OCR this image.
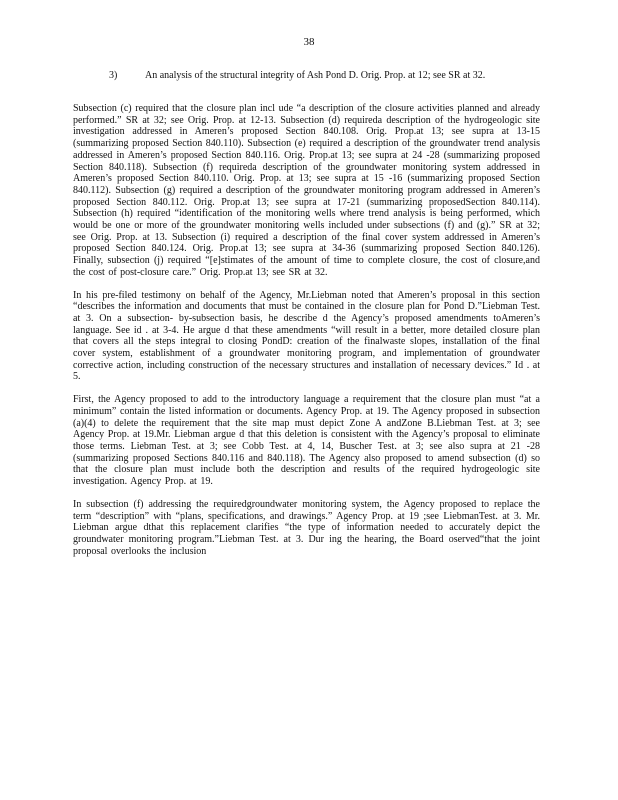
38
3)	An analysis of the structural integrity of Ash Pond D. Orig. Prop. at 12; see SR at 32.

Subsection (c) required that the closure plan incl ude “a description of the closure activities planned and already performed.” SR at 32; see Orig. Prop. at 12-13. Subsection (d) requireda description of the hydrogeologic site investigation addressed in Ameren’s proposed Section 840.108. Orig. Prop.at 13; see supra at 13-15 (summarizing proposed Section 840.110). Subsection (e) required a description of the groundwater trend analysis addressed in Ameren’s proposed Section 840.116. Orig. Prop.at 13; see supra at 24 -28 (summarizing proposed Section 840.118). Subsection (f) requireda description of the groundwater monitoring system addressed in Ameren’s proposed Section 840.110. Orig. Prop. at 13; see supra at 15 -16 (summarizing proposed Section 840.112). Subsection (g) required a description of the groundwater monitoring program addressed in Ameren’s proposed Section 840.112. Orig. Prop.at 13; see supra at 17-21 (summarizing proposedSection 840.114). Subsection (h) required “identification of the monitoring wells where trend analysis is being performed, which would be one or more of the groundwater monitoring wells included under subsections (f) and (g).” SR at 32; see Orig. Prop. at 13. Subsection (i) required a description of the final cover system addressed in Ameren’s proposed Section 840.124. Orig. Prop.at 13; see supra at 34-36 (summarizing proposed Section 840.126). Finally, subsection (j) required “[e]stimates of the amount of time to complete closure, the cost of closure,and the cost of post-closure care.” Orig. Prop.at 13; see SR at 32.

In his pre-filed testimony on behalf of the Agency, Mr.Liebman noted that Ameren’s proposal in this section “describes the information and documents that must be contained in the closure plan for Pond D.”Liebman Test. at 3. On a subsection- by-subsection basis, he describe d the Agency’s proposed amendments toAmeren’s language. See id . at 3-4. He argue d that these amendments “will result in a better, more detailed closure plan that covers all the steps integral to closing PondD: creation of the finalwaste slopes, installation of the final cover system, establishment of a groundwater monitoring program, and implementation of groundwater corrective action, including construction of the necessary structures and installation of necessary devices.” Id . at 5.

First, the Agency proposed to add to the introductory language a requirement that the closure plan must “at a minimum” contain the listed information or documents. Agency Prop. at 19. The Agency proposed in subsection (a)(4) to delete the requirement that the site map must depict Zone A andZone B.Liebman Test. at 3; see Agency Prop. at 19.Mr. Liebman argue d that this deletion is consistent with the Agency’s proposal to eliminate those terms. Liebman Test. at 3; see Cobb Test. at 4, 14, Buscher Test. at 3; see also supra at 21 -28 (summarizing proposed Sections 840.116 and 840.118). The Agency also proposed to amend subsection (d) so that the closure plan must include both the description and results of the required hydrogeologic site investigation. Agency Prop. at 19.

In subsection (f) addressing the requiredgroundwater monitoring system, the Agency proposed to replace the term “description” with “plans, specifications, and drawings.” Agency Prop. at 19 ;see LiebmanTest. at 3. Mr. Liebman argue dthat this replacement clarifies “the type of information needed to accurately depict the groundwater monitoring program.”Liebman Test. at 3. Dur ing the hearing, the Board oserved“that the joint proposal overlooks the inclusion
